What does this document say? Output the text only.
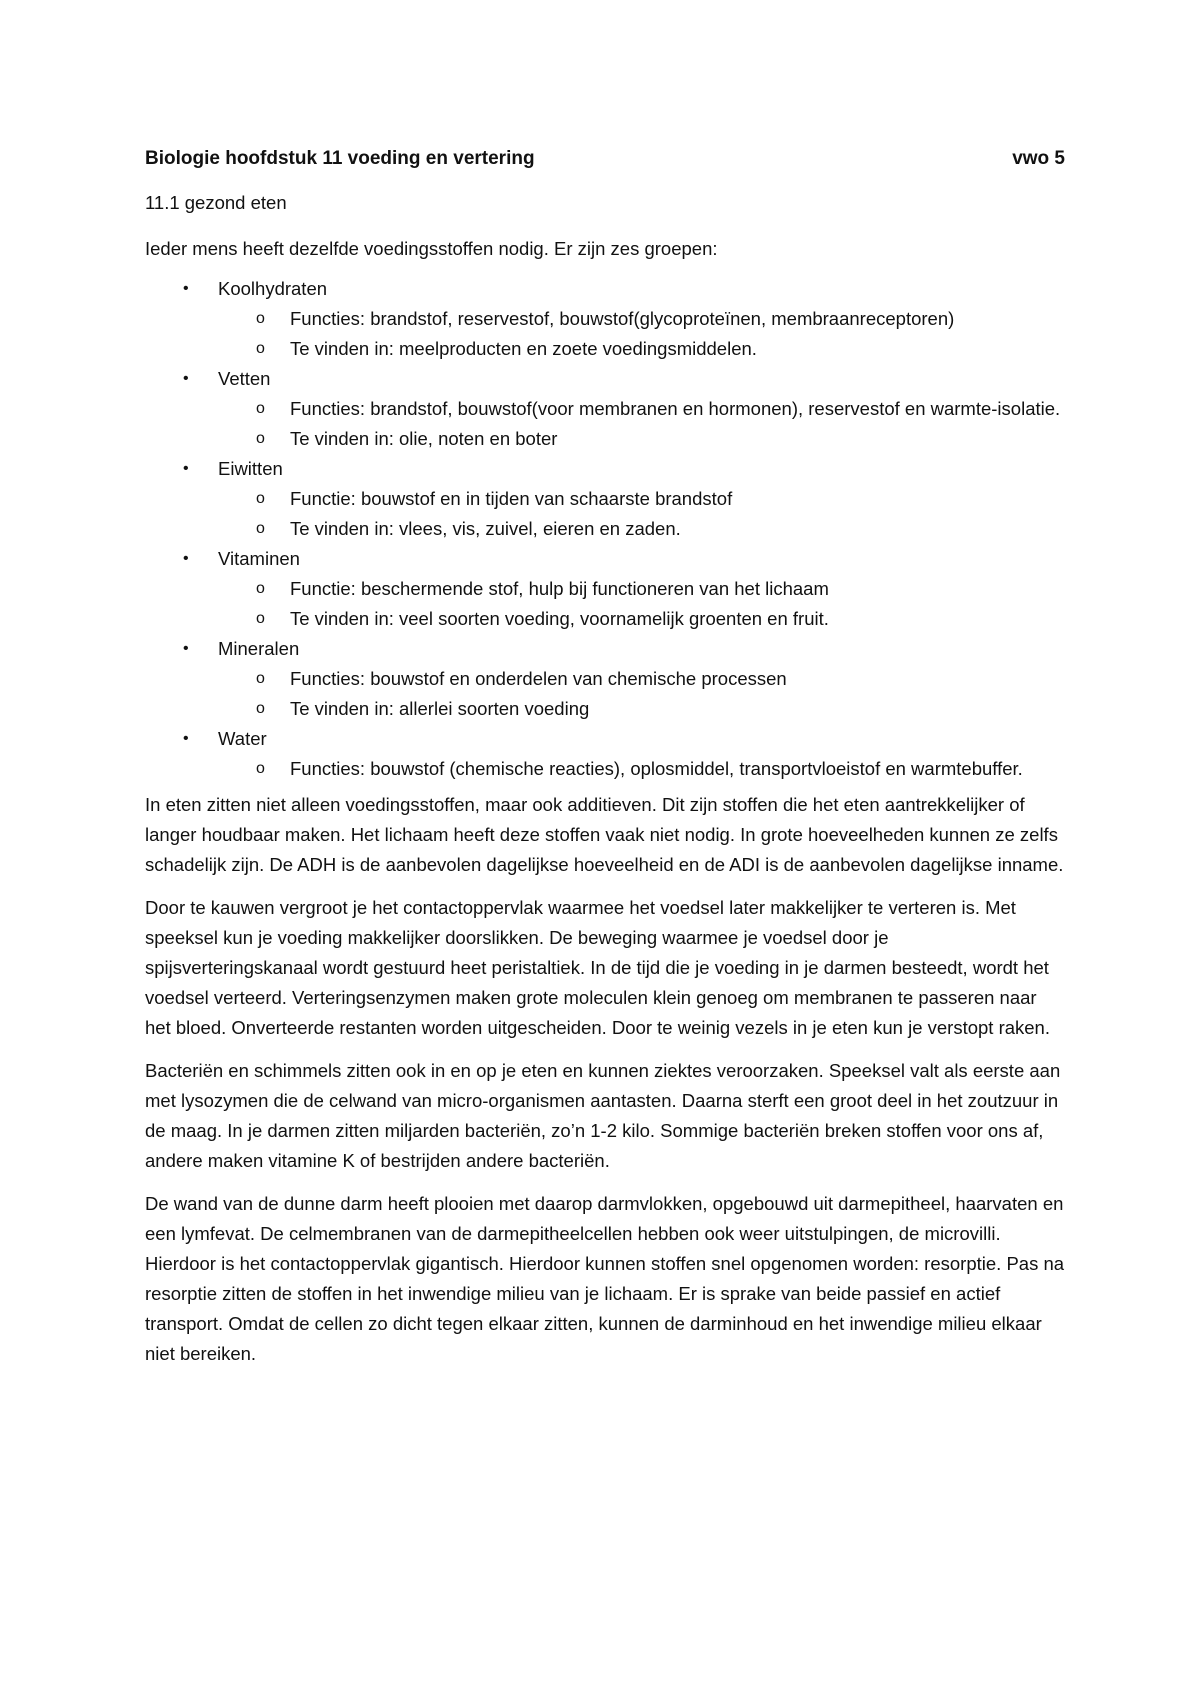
Biologie hoofdstuk 11 voeding en vertering	vwo 5

11.1 gezond eten

Ieder mens heeft dezelfde voedingsstoffen nodig. Er zijn zes groepen:

•	Koolhydraten
o Functies: brandstof, reservestof, bouwstof(glycoproteïnen, membraanreceptoren)
o Te vinden in: meelproducten en zoete voedingsmiddelen.
•	Vetten
o Functies: brandstof, bouwstof(voor membranen en hormonen), reservestof en warmte-isolatie.
o Te vinden in: olie, noten en boter
•	Eiwitten
o Functie: bouwstof en in tijden van schaarste brandstof
o Te vinden in: vlees, vis, zuivel, eieren en zaden.
•	Vitaminen
o Functie: beschermende stof, hulp bij functioneren van het lichaam
o Te vinden in: veel soorten voeding, voornamelijk groenten en fruit.
•	Mineralen
o Functies: bouwstof en onderdelen van chemische processen
o Te vinden in: allerlei soorten voeding
•	Water
o Functies: bouwstof (chemische reacties), oplosmiddel, transportvloeistof en warmtebuffer.

In eten zitten niet alleen voedingsstoffen, maar ook additieven. Dit zijn stoffen die het eten aantrekkelijker of langer houdbaar maken. Het lichaam heeft deze stoffen vaak niet nodig. In grote hoeveelheden kunnen ze zelfs schadelijk zijn. De ADH is de aanbevolen dagelijkse hoeveelheid en de ADI is de aanbevolen dagelijkse inname.

Door te kauwen vergroot je het contactoppervlak waarmee het voedsel later makkelijker te verteren is. Met speeksel kun je voeding makkelijker doorslikken. De beweging waarmee je voedsel door je spijsverteringskanaal wordt gestuurd heet peristaltiek. In de tijd die je voeding in je darmen besteedt, wordt het voedsel verteerd. Verteringsenzymen maken grote moleculen klein genoeg om membranen te passeren naar het bloed. Onverteerde restanten worden uitgescheiden. Door te weinig vezels in je eten kun je verstopt raken.

Bacteriën en schimmels zitten ook in en op je eten en kunnen ziektes veroorzaken. Speeksel valt als eerste aan met lysozymen die de celwand van micro-organismen aantasten. Daarna sterft een groot deel in het zoutzuur in de maag. In je darmen zitten miljarden bacteriën, zo’n 1-2 kilo. Sommige bacteriën breken stoffen voor ons af, andere maken vitamine K of bestrijden andere bacteriën.

De wand van de dunne darm heeft plooien met daarop darmvlokken, opgebouwd uit darmepitheel, haarvaten en een lymfevat. De celmembranen van de darmepitheelcellen hebben ook weer uitstulpingen, de microvilli. Hierdoor is het contactoppervlak gigantisch. Hierdoor kunnen stoffen snel opgenomen worden: resorptie. Pas na resorptie zitten de stoffen in het inwendige milieu van je lichaam. Er is sprake van beide passief en actief transport. Omdat de cellen zo dicht tegen elkaar zitten, kunnen de darminhoud en het inwendige milieu elkaar niet bereiken.
